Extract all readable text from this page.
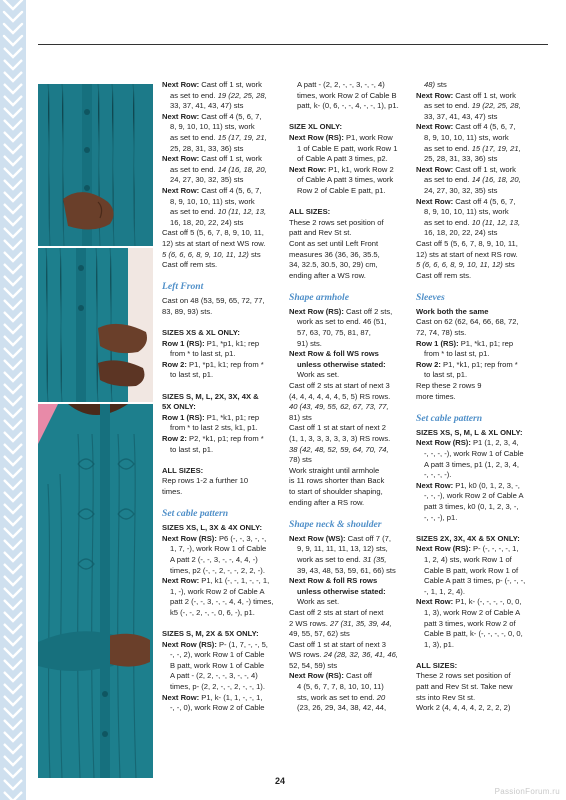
Next Row: Cast off 1 st, work
as set to end. 19 (22, 25, 28,
33, 37, 41, 43, 47) sts
Next Row: Cast off 4 (5, 6, 7,
8, 9, 10, 10, 11) sts, work
as set to end. 15 (17, 19, 21,
25, 28, 31, 33, 36) sts
Next Row: Cast off 1 st, work
as set to end. 14 (16, 18, 20,
24, 27, 30, 32, 35) sts
Next Row: Cast off 4 (5, 6, 7,
8, 9, 10, 10, 11) sts, work
as set to end. 10 (11, 12, 13,
16, 18, 20, 22, 24) sts
Cast off 5 (5, 6, 7, 8, 9, 10, 11,
12) sts at start of next WS row.
5 (6, 6, 6, 8, 9, 10, 11, 12) sts
Cast off rem sts.
Left Front
Cast on 48 (53, 59, 65, 72, 77,
83, 89, 93) sts.
SIZES XS & XL ONLY:
Row 1 (RS): P1, *p1, k1; rep
from * to last st, p1.
Row 2: P1, *p1, k1; rep from *
to last st, p1.
SIZES S, M, L, 2X, 3X, 4X &
5X ONLY:
Row 1 (RS): P1, *k1, p1; rep
from * to last 2 sts, k1, p1.
Row 2: P2, *k1, p1; rep from *
to last st, p1.
ALL SIZES:
Rep rows 1-2 a further 10
times.
Set cable pattern
SIZES XS, L, 3X & 4X ONLY:
Next Row (RS): P6 (-, -, 3, -, -,
1, 7, -), work Row 1 of Cable
A patt 2 (-, -, 3, -, -, 4, 4, -)
times, p2 (-, -, 2, -, -, 2, 2, -).
Next Row: P1, k1 (-, -, 1, -, -, 1,
1, -), work Row 2 of Cable A
patt 2 (-, -, 3, -, -, 4, 4, -) times,
k5 (-, -, 2, -, -, 0, 6, -), p1.
SIZES S, M, 2X & 5X ONLY:
Next Row (RS): P- (1, 7, -, -, 5,
-, -, 2), work Row 1 of Cable
B patt, work Row 1 of Cable
A patt - (2, 2, -, -, 3, -, -, 4)
times, p- (2, 2, -, -, 2, -, -, 1).
Next Row: P1, k- (1, 1, -, -, 1,
-, -, 0), work Row 2 of Cable
A patt - (2, 2, -, -, 3, -, -, 4)
times, work Row 2 of Cable B
patt, k- (0, 6, -, -, 4, -, -, 1), p1.
SIZE XL ONLY:
Next Row (RS): P1, work Row
1 of Cable E patt, work Row 1
of Cable A patt 3 times, p2.
Next Row: P1, k1, work Row 2
of Cable A patt 3 times, work
Row 2 of Cable E patt, p1.
ALL SIZES:
These 2 rows set position of
patt and Rev St st.
Cont as set until Left Front
measures 36 (36, 36, 35.5,
34, 32.5, 30.5, 30, 29) cm,
ending after a WS row.
Shape armhole
Next Row (RS): Cast off 2 sts,
work as set to end. 46 (51,
57, 63, 70, 75, 81, 87,
91) sts.
Next Row & foll WS rows
unless otherwise stated:
Work as set.
Cast off 2 sts at start of next 3
(4, 4, 4, 4, 4, 4, 5, 5) RS rows.
40 (43, 49, 55, 62, 67, 73, 77,
81) sts
Cast off 1 st at start of next 2
(1, 1, 3, 3, 3, 3, 3, 3) RS rows.
38 (42, 48, 52, 59, 64, 70, 74,
78) sts
Work straight until armhole
is 11 rows shorter than Back
to start of shoulder shaping,
ending after a RS row.
Shape neck & shoulder
Next Row (WS): Cast off 7 (7,
9, 9, 11, 11, 11, 13, 12) sts,
work as set to end. 31 (35,
39, 43, 48, 53, 59, 61, 66) sts
Next Row & foll RS rows
unless otherwise stated:
Work as set.
Cast off 2 sts at start of next
2 WS rows. 27 (31, 35, 39, 44,
49, 55, 57, 62) sts
Cast off 1 st at start of next 3
WS rows. 24 (28, 32, 36, 41, 46,
52, 54, 59) sts
Next Row (RS): Cast off
4 (5, 6, 7, 7, 8, 10, 10, 11)
sts, work as set to end. 20
(23, 26, 29, 34, 38, 42, 44,
48) sts
Next Row: Cast off 1 st, work
as set to end. 19 (22, 25, 28,
33, 37, 41, 43, 47) sts
Next Row: Cast off 4 (5, 6, 7,
8, 9, 10, 10, 11) sts, work
as set to end. 15 (17, 19, 21,
25, 28, 31, 33, 36) sts
Next Row: Cast off 1 st, work
as set to end. 14 (16, 18, 20,
24, 27, 30, 32, 35) sts
Next Row: Cast off 4 (5, 6, 7,
8, 9, 10, 10, 11) sts, work
as set to end. 10 (11, 12, 13,
16, 18, 20, 22, 24) sts
Cast off 5 (5, 6, 7, 8, 9, 10, 11,
12) sts at start of next RS row.
5 (6, 6, 6, 8, 9, 10, 11, 12) sts
Cast off rem sts.
Sleeves
Work both the same
Cast on 62 (62, 64, 66, 68, 72,
72, 74, 78) sts.
Row 1 (RS): P1, *k1, p1; rep
from * to last st, p1.
Row 2: P1, *k1, p1; rep from *
to last st, p1.
Rep these 2 rows 9
more times.
Set cable pattern
SIZES XS, S, M, L & XL ONLY:
Next Row (RS): P1 (1, 2, 3, 4,
-, -, -, -), work Row 1 of Cable
A patt 3 times, p1 (1, 2, 3, 4,
-, -, -, -).
Next Row: P1, k0 (0, 1, 2, 3, -,
-, -, -), work Row 2 of Cable A
patt 3 times, k0 (0, 1, 2, 3, -,
-, -, -), p1.
SIZES 2X, 3X, 4X & 5X ONLY:
Next Row (RS): P- (-, -, -, -, 1,
1, 2, 4) sts, work Row 1 of
Cable B patt, work Row 1 of
Cable A patt 3 times, p- (-, -, -,
-, 1, 1, 2, 4).
Next Row: P1, k- (-, -, -, -, 0, 0,
1, 3), work Row 2 of Cable A
patt 3 times, work Row 2 of
Cable B patt, k- (-, -, -, -, 0, 0,
1, 3), p1.
ALL SIZES:
These 2 rows set position of
patt and Rev St st. Take new
sts into Rev St st.
Work 2 (4, 4, 4, 4, 2, 2, 2, 2)
24
PassionForum.ru
